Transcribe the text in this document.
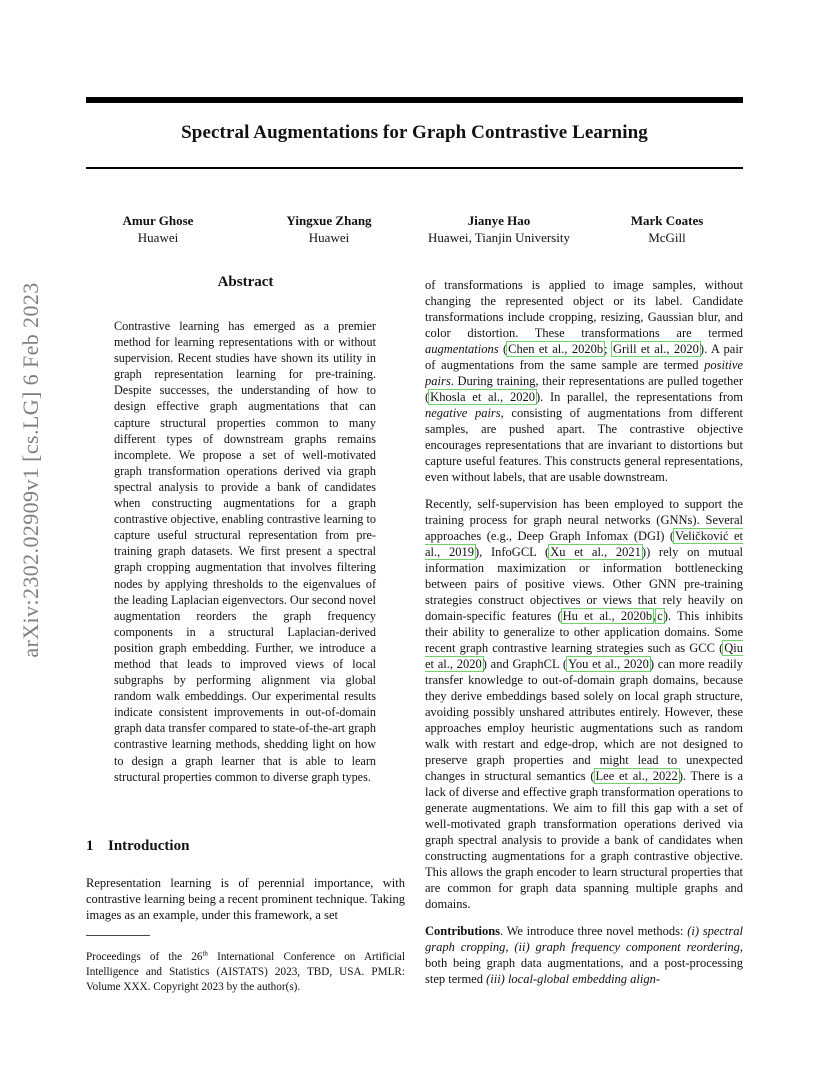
Spectral Augmentations for Graph Contrastive Learning
Amur Ghose
Huawei
Yingxue Zhang
Huawei
Jianye Hao
Huawei, Tianjin University
Mark Coates
McGill
arXiv:2302.02909v1 [cs.LG] 6 Feb 2023
Abstract

Contrastive learning has emerged as a premier method for learning representations with or without supervision. Recent studies have shown its utility in graph representation learning for pre-training. Despite successes, the understanding of how to design effective graph augmentations that can capture structural properties common to many different types of downstream graphs remains incomplete. We propose a set of well-motivated graph transformation operations derived via graph spectral analysis to provide a bank of candidates when constructing augmentations for a graph contrastive objective, enabling contrastive learning to capture useful structural representation from pre-training graph datasets. We first present a spectral graph cropping augmentation that involves filtering nodes by applying thresholds to the eigenvalues of the leading Laplacian eigenvectors. Our second novel augmentation reorders the graph frequency components in a structural Laplacian-derived position graph embedding. Further, we introduce a method that leads to improved views of local subgraphs by performing alignment via global random walk embeddings. Our experimental results indicate consistent improvements in out-of-domain graph data transfer compared to state-of-the-art graph contrastive learning methods, shedding light on how to design a graph learner that is able to learn structural properties common to diverse graph types.

1 Introduction

Representation learning is of perennial importance, with contrastive learning being a recent prominent technique. Taking images as an example, under this framework, a set

Proceedings of the 26th International Conference on Artificial Intelligence and Statistics (AISTATS) 2023, TBD, USA. PMLR: Volume XXX. Copyright 2023 by the author(s).

of transformations is applied to image samples, without changing the represented object or its label. Candidate transformations include cropping, resizing, Gaussian blur, and color distortion. These transformations are termed augmentations (Chen et al., 2020b; Grill et al., 2020). A pair of augmentations from the same sample are termed positive pairs. During training, their representations are pulled together (Khosla et al., 2020). In parallel, the representations from negative pairs, consisting of augmentations from different samples, are pushed apart. The contrastive objective encourages representations that are invariant to distortions but capture useful features. This constructs general representations, even without labels, that are usable downstream.

Recently, self-supervision has been employed to support the training process for graph neural networks (GNNs). Several approaches (e.g., Deep Graph Infomax (DGI) (Veličković et al., 2019), InfoGCL (Xu et al., 2021)) rely on mutual information maximization or information bottlenecking between pairs of positive views. Other GNN pre-training strategies construct objectives or views that rely heavily on domain-specific features (Hu et al., 2020b,c). This inhibits their ability to generalize to other application domains. Some recent graph contrastive learning strategies such as GCC (Qiu et al., 2020) and GraphCL (You et al., 2020) can more readily transfer knowledge to out-of-domain graph domains, because they derive embeddings based solely on local graph structure, avoiding possibly unshared attributes entirely. However, these approaches employ heuristic augmentations such as random walk with restart and edge-drop, which are not designed to preserve graph properties and might lead to unexpected changes in structural semantics (Lee et al., 2022). There is a lack of diverse and effective graph transformation operations to generate augmentations. We aim to fill this gap with a set of well-motivated graph transformation operations derived via graph spectral analysis to provide a bank of candidates when constructing augmentations for a graph contrastive objective. This allows the graph encoder to learn structural properties that are common for graph data spanning multiple graphs and domains.

Contributions. We introduce three novel methods: (i) spectral graph cropping, (ii) graph frequency component reordering, both being graph data augmentations, and a post-processing step termed (iii) local-global embedding align-
